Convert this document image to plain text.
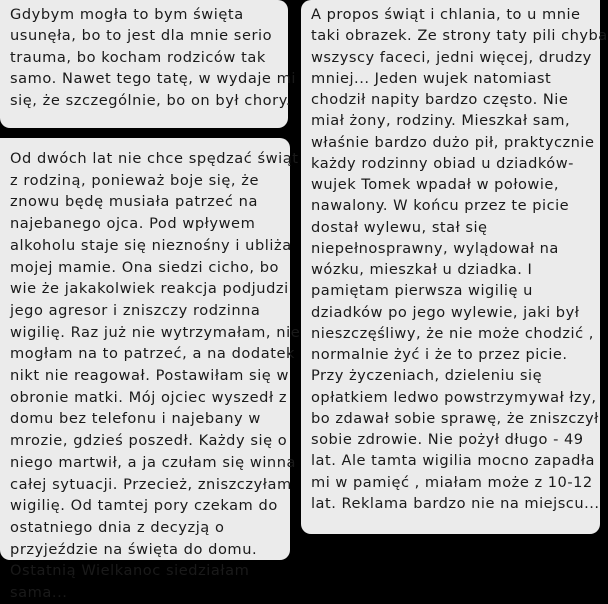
Gdybym mogła to bym święta
usunęła, bo to jest dla mnie serio
trauma, bo kocham rodziców tak
samo. Nawet tego tatę, w wydaje mi
się, że szczególnie, bo on był chory.
Od dwóch lat nie chce spędzać świąt
z rodziną, ponieważ boje się, że
znowu będę musiała patrzeć na
najebanego ojca. Pod wpływem
alkoholu staje się nieznośny i ubliża
mojej mamie. Ona siedzi cicho, bo
wie że jakakolwiek reakcja podjudzi
jego agresor i zniszczy rodzinna
wigilię. Raz już nie wytrzymałam, nie
mogłam na to patrzeć, a na dodatek
nikt nie reagował. Postawiłam się w
obronie matki. Mój ojciec wyszedł z
domu bez telefonu i najebany w
mrozie, gdzieś poszedł. Każdy się o
niego martwił, a ja czułam się winna
całej sytuacji. Przecież, zniszczyłam
wigilię. Od tamtej pory czekam do
ostatniego dnia z decyzją o
przyjeździe na święta do domu.
Ostatnią Wielkanoc siedziałam
sama...
A propos świąt i chlania, to u mnie
taki obrazek. Ze strony taty pili chyba
wszyscy faceci, jedni więcej, drudzy
mniej... Jeden wujek natomiast
chodził napity bardzo często. Nie
miał żony, rodziny. Mieszkał sam,
właśnie bardzo dużo pił, praktycznie
każdy rodzinny obiad u dziadków-
wujek Tomek wpadał w połowie,
nawalony. W końcu przez te picie
dostał wylewu, stał się
niepełnosprawny, wylądował na
wózku, mieszkał u dziadka. I
pamiętam pierwsza wigilię u
dziadków po jego wylewie, jaki był
nieszczęśliwy, że nie może chodzić ,
normalnie żyć i że to przez picie.
Przy życzeniach, dzieleniu się
opłatkiem ledwo powstrzymywał łzy,
bo zdawał sobie sprawę, że zniszczył
sobie zdrowie. Nie pożył długo - 49
lat. Ale tamta wigilia mocno zapadła
mi w pamięć , miałam może z 10-12
lat. Reklama bardzo nie na miejscu...
